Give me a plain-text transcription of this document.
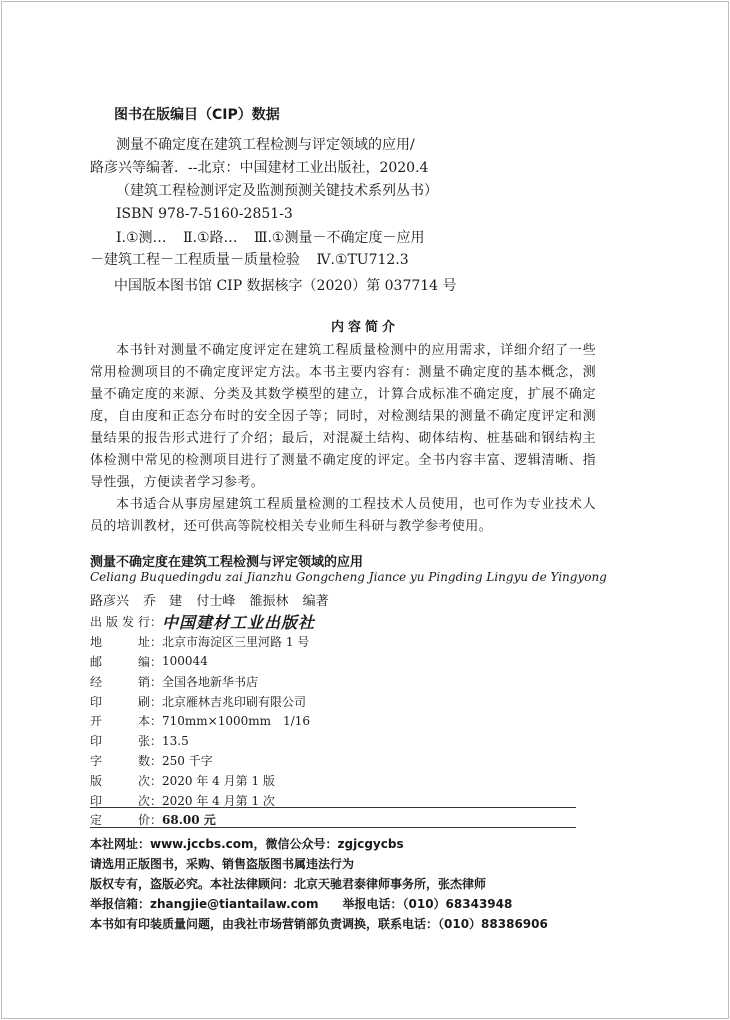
图书在版编目（CIP）数据
测量不确定度在建筑工程检测与评定领域的应用/
路彦兴等编著．--北京：中国建材工业出版社，2020.4
（建筑工程检测评定及监测预测关键技术系列丛书）
ISBN 978-7-5160-2851-3
Ⅰ.①测… Ⅱ.①路… Ⅲ.①测量－不确定度－应用
－建筑工程－工程质量－质量检验 Ⅳ.①TU712.3
中国版本图书馆 CIP 数据核字（2020）第 037714 号
内容简介

本书针对测量不确定度评定在建筑工程质量检测中的应用需求，详细介绍了一些常用检测项目的不确定度评定方法。本书主要内容有：测量不确定度的基本概念，测量不确定度的来源、分类及其数学模型的建立，计算合成标准不确定度，扩展不确定度，自由度和正态分布时的安全因子等；同时，对检测结果的测量不确定度评定和测量结果的报告形式进行了介绍；最后，对混凝土结构、砌体结构、桩基础和钢结构主体检测中常见的检测项目进行了测量不确定度的评定。全书内容丰富、逻辑清晰、指导性强，方便读者学习参考。

本书适合从事房屋建筑工程质量检测的工程技术人员使用，也可作为专业技术人员的培训教材，还可供高等院校相关专业师生科研与教学参考使用。

测量不确定度在建筑工程检测与评定领域的应用
Celiang Buquedingdu zai Jianzhu Gongcheng Jiance yu Pingding Lingyu de Yingyong
路彦兴 乔　建 付士峰 雒振林 编著
出 版 发 行 ： 中国建材工业出版社
地	址 ： 北京市海淀区三里河路 1 号
邮	编 ： 100044
经	销 ： 全国各地新华书店
印	刷 ： 北京雁林吉兆印刷有限公司
开	本 ： 710mm×1000mm　1/16
印	张 ： 13.5
字	数 ： 250 千字
版	次 ： 2020 年 4 月第 1 版
印	次 ： 2020 年 4 月第 1 次
定	价 ： 68.00 元
本社网址：www.jccbs.com，微信公众号：zgjcgycbs
请选用正版图书，采购、销售盗版图书属违法行为
版权专有，盗版必究。本社法律顾问：北京天驰君泰律师事务所，张杰律师
举报信箱：zhangjie@tiantailaw.com　　举报电话：（010）68343948
本书如有印装质量问题，由我社市场营销部负责调换，联系电话：（010）88386906
